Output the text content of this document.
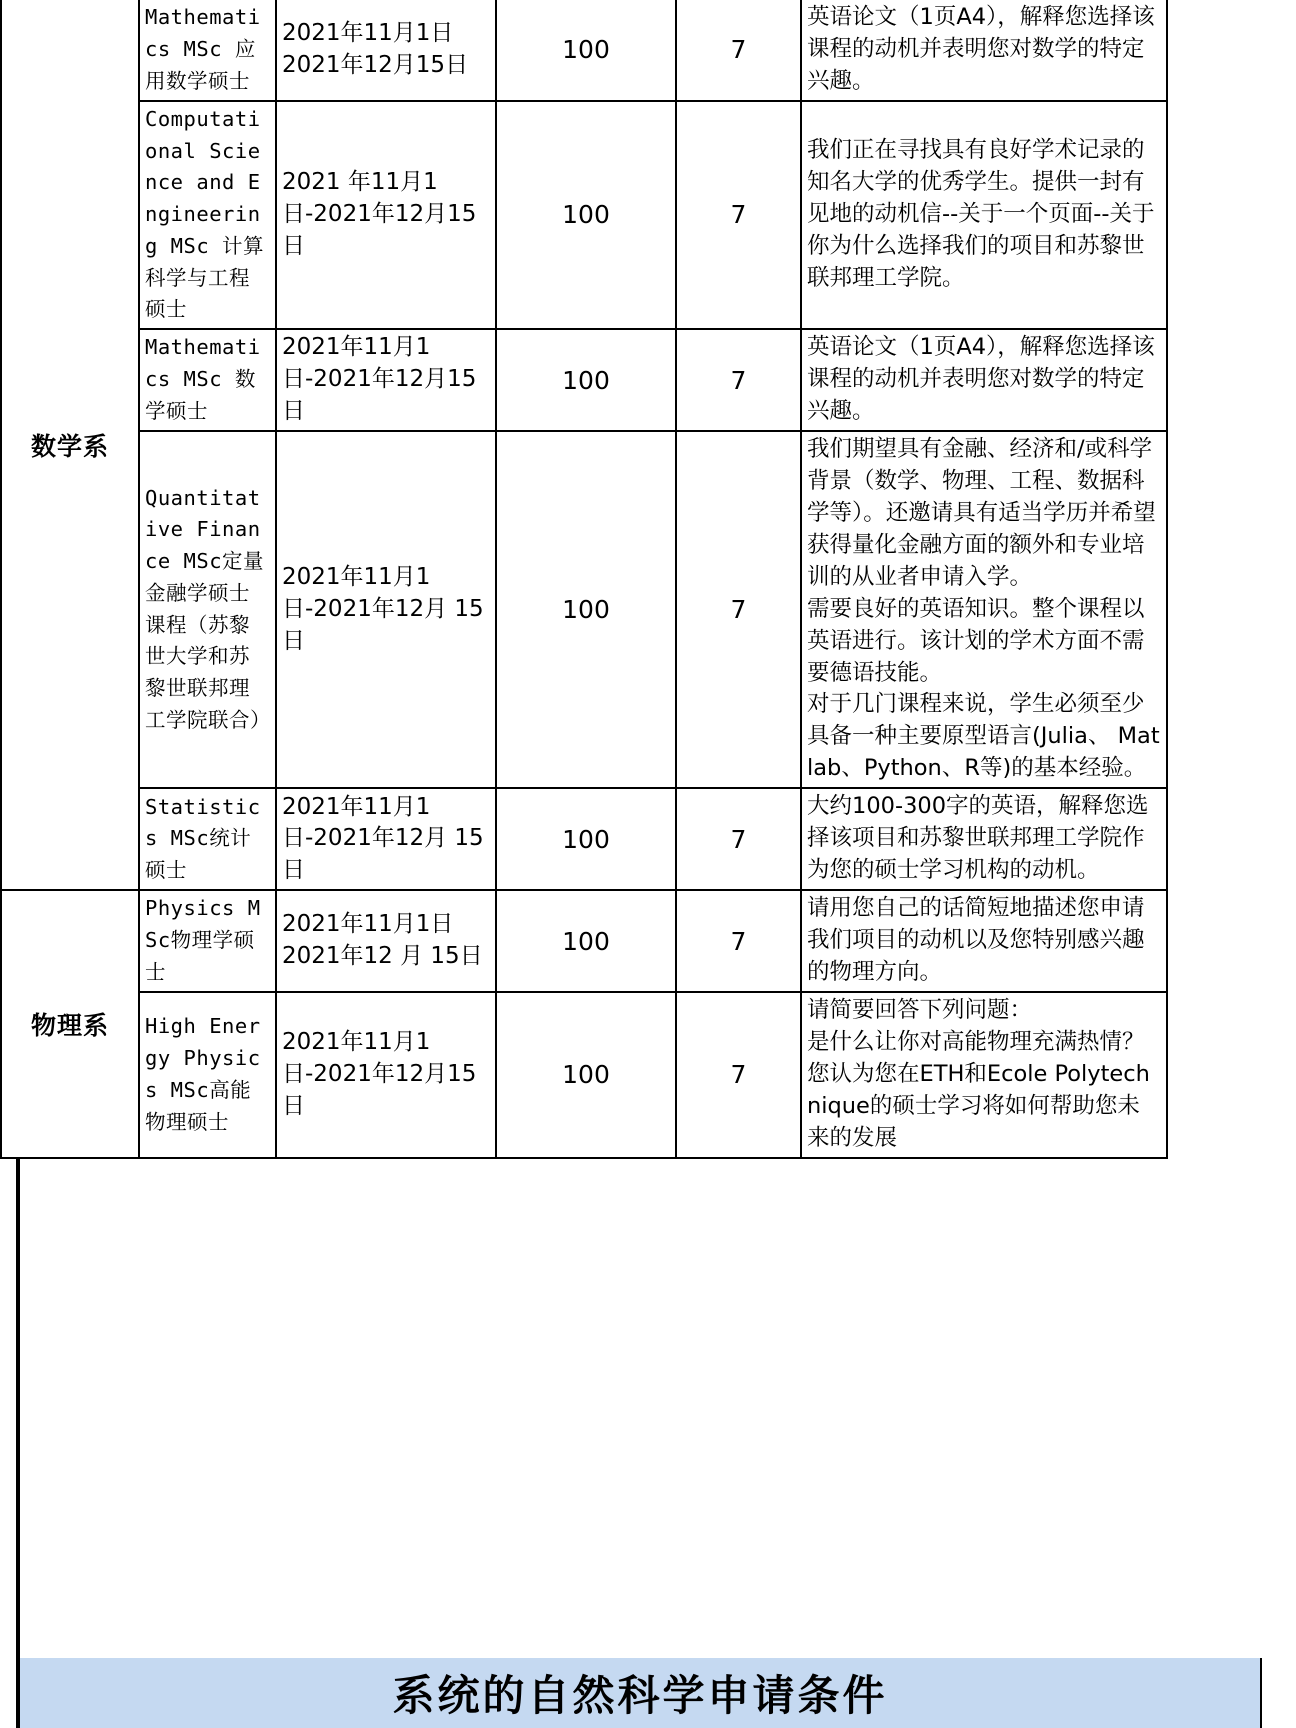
数学系	Mathematics MSc 应用数学硕士	2021年11月1日 2021年12月15日	100	7	英语论文（1页A4），解释您选择该课程的动机并表明您对数学的特定兴趣。
	Computational Science and Engineering MSc 计算科学与工程硕士	2021 年11月1日-2021年12月15日	100	7	我们正在寻找具有良好学术记录的知名大学的优秀学生。提供一封有见地的动机信--关于一个页面--关于你为什么选择我们的项目和苏黎世联邦理工学院。
	Mathematics MSc 数学硕士	2021年11月1日-2021年12月15日	100	7	英语论文（1页A4），解释您选择该课程的动机并表明您对数学的特定兴趣。
	Quantitative Finance MSc定量金融学硕士课程（苏黎世大学和苏黎世联邦理工学院联合）	2021年11月1日-2021年12月 15日	100	7	我们期望具有金融、经济和/或科学背景（数学、物理、工程、数据科学等）。还邀请具有适当学历并希望获得量化金融方面的额外和专业培训的从业者申请入学。
需要良好的英语知识。整个课程以英语进行。该计划的学术方面不需要德语技能。
对于几门课程来说，学生必须至少具备一种主要原型语言(Julia、 Matlab、Python、R等)的基本经验。
	Statistics MSc统计硕士	2021年11月1日-2021年12月 15日	100	7	大约100-300字的英语，解释您选择该项目和苏黎世联邦理工学院作为您的硕士学习机构的动机。
物理系	Physics MSc物理学硕士	2021年11月1日 2021年12 月 15日	100	7	请用您自己的话简短地描述您申请我们项目的动机以及您特别感兴趣的物理方向。
	High Energy Physics MSc高能物理硕士	2021年11月1日-2021年12月15日	100	7	请简要回答下列问题：
是什么让你对高能物理充满热情？
您认为您在ETH和Ecole Polytechnique的硕士学习将如何帮助您未来的发展
系统的自然科学申请条件
